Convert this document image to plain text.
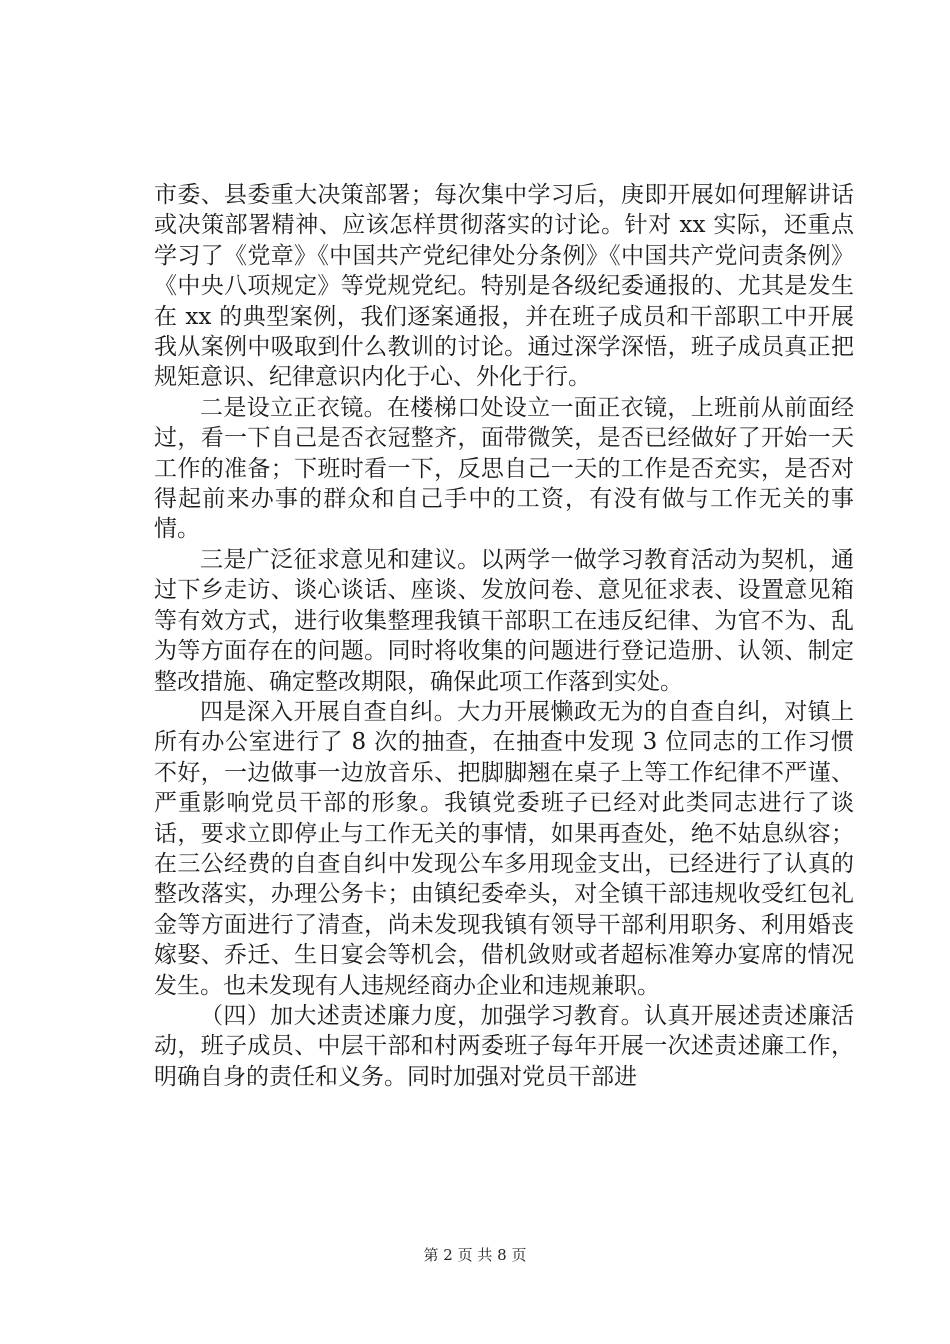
市委、县委重大决策部署；每次集中学习后，庚即开展如何理解讲话或决策部署精神、应该怎样贯彻落实的讨论。针对 xx 实际，还重点学习了《党章》《中国共产党纪律处分条例》《中国共产党问责条例》《中央八项规定》等党规党纪。特别是各级纪委通报的、尤其是发生在 xx 的典型案例，我们逐案通报，并在班子成员和干部职工中开展我从案例中吸取到什么教训的讨论。通过深学深悟，班子成员真正把规矩意识、纪律意识内化于心、外化于行。

二是设立正衣镜。在楼梯口处设立一面正衣镜，上班前从前面经过，看一下自己是否衣冠整齐，面带微笑，是否已经做好了开始一天工作的准备；下班时看一下，反思自己一天的工作是否充实，是否对得起前来办事的群众和自己手中的工资，有没有做与工作无关的事情。

三是广泛征求意见和建议。以两学一做学习教育活动为契机，通过下乡走访、谈心谈话、座谈、发放问卷、意见征求表、设置意见箱等有效方式，进行收集整理我镇干部职工在违反纪律、为官不为、乱为等方面存在的问题。同时将收集的问题进行登记造册、认领、制定整改措施、确定整改期限，确保此项工作落到实处。

四是深入开展自查自纠。大力开展懒政无为的自查自纠，对镇上所有办公室进行了 8 次的抽查，在抽查中发现 3 位同志的工作习惯不好，一边做事一边放音乐、把脚脚翘在桌子上等工作纪律不严谨、严重影响党员干部的形象。我镇党委班子已经对此类同志进行了谈话，要求立即停止与工作无关的事情，如果再查处，绝不姑息纵容；在三公经费的自查自纠中发现公车多用现金支出，已经进行了认真的整改落实，办理公务卡；由镇纪委牵头，对全镇干部违规收受红包礼金等方面进行了清查，尚未发现我镇有领导干部利用职务、利用婚丧嫁娶、乔迁、生日宴会等机会，借机敛财或者超标准筹办宴席的情况发生。也未发现有人违规经商办企业和违规兼职。

（四）加大述责述廉力度，加强学习教育。认真开展述责述廉活动，班子成员、中层干部和村两委班子每年开展一次述责述廉工作，明确自身的责任和义务。同时加强对党员干部进

第 2 页 共 8 页
